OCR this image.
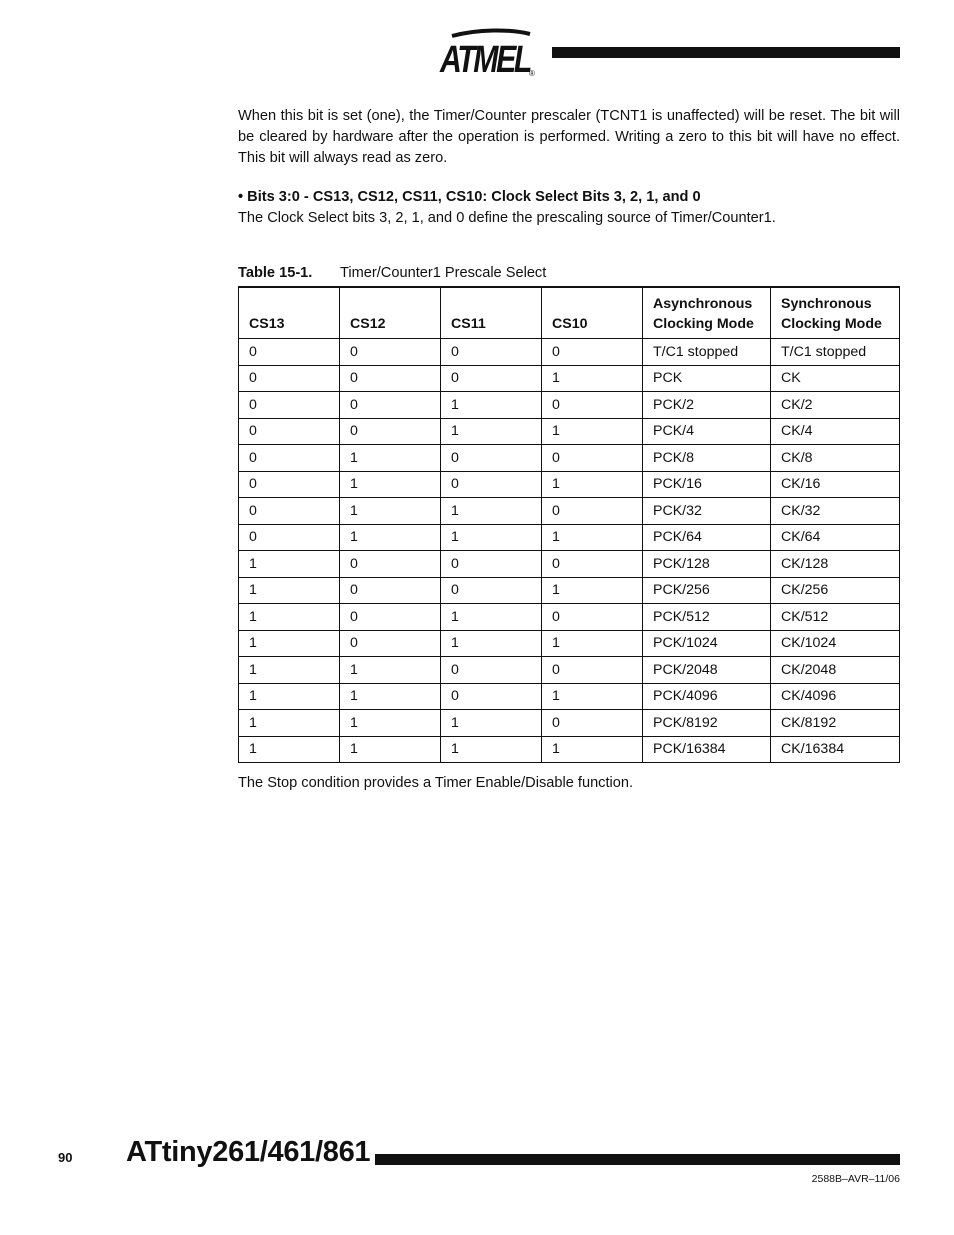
ATMEL
®

When this bit is set (one), the Timer/Counter prescaler (TCNT1 is unaffected) will be reset. The bit will be cleared by hardware after the operation is performed. Writing a zero to this bit will have no effect. This bit will always read as zero.

• Bits 3:0 - CS13, CS12, CS11, CS10: Clock Select Bits 3, 2, 1, and 0

The Clock Select bits 3, 2, 1, and 0 define the prescaling source of Timer/Counter1.

Table 15-1. Timer/Counter1 Prescale Select

CS13	CS12	CS11	CS10	Asynchronous Clocking Mode	Synchronous Clocking Mode
0	0	0	0	T/C1 stopped	T/C1 stopped
0	0	0	1	PCK	CK
0	0	1	0	PCK/2	CK/2
0	0	1	1	PCK/4	CK/4
0	1	0	0	PCK/8	CK/8
0	1	0	1	PCK/16	CK/16
0	1	1	0	PCK/32	CK/32
0	1	1	1	PCK/64	CK/64
1	0	0	0	PCK/128	CK/128
1	0	0	1	PCK/256	CK/256
1	0	1	0	PCK/512	CK/512
1	0	1	1	PCK/1024	CK/1024
1	1	0	0	PCK/2048	CK/2048
1	1	0	1	PCK/4096	CK/4096
1	1	1	0	PCK/8192	CK/8192
1	1	1	1	PCK/16384	CK/16384

The Stop condition provides a Timer Enable/Disable function.

90 ATtiny261/461/861
2588B–AVR–11/06
